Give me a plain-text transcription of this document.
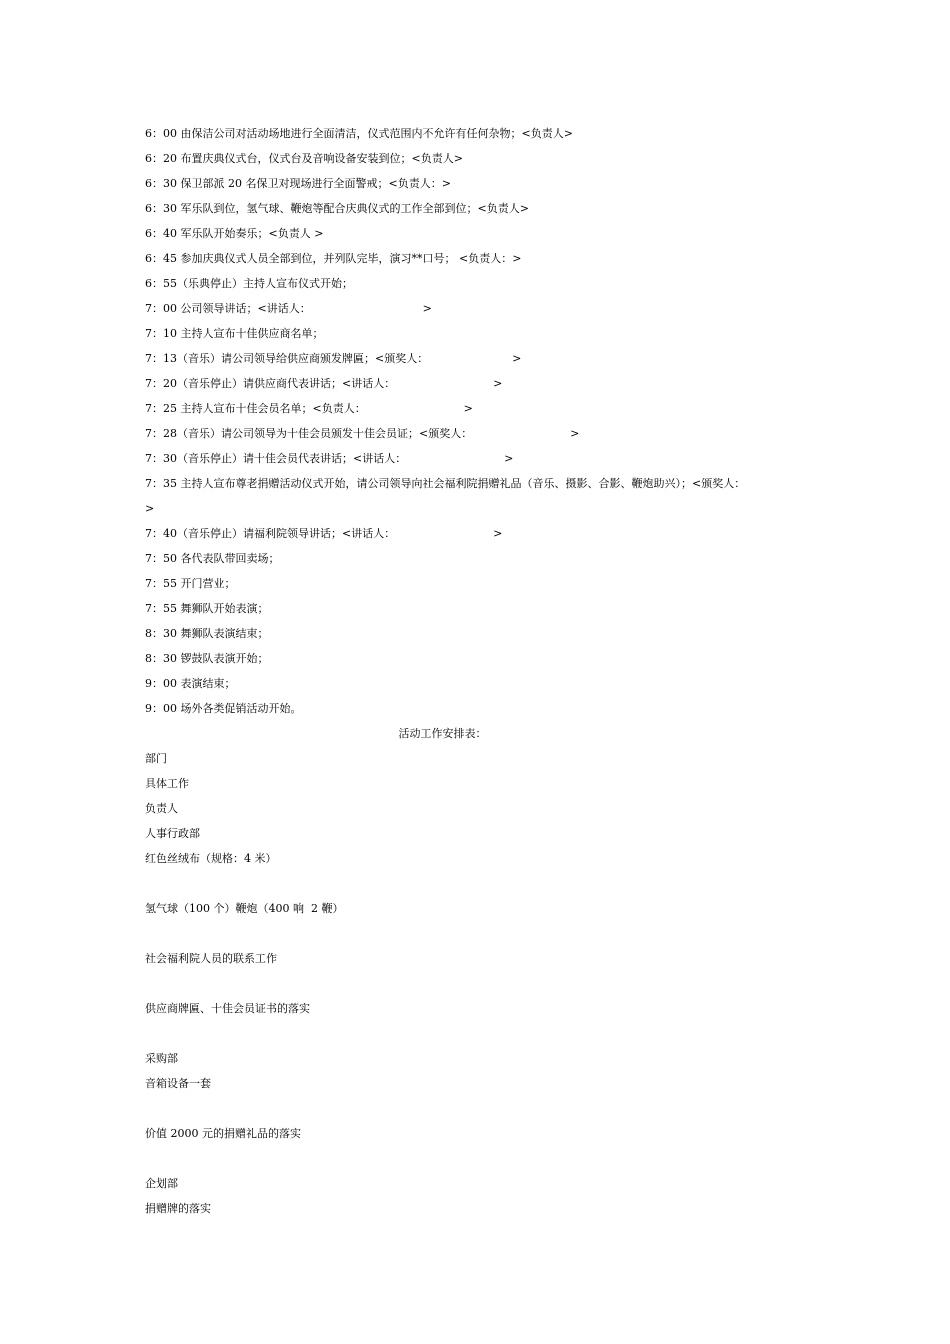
6：00 由保洁公司对活动场地进行全面清洁，仪式范围内不允许有任何杂物；<负责人>

6：20 布置庆典仪式台，仪式台及音响设备安装到位；<负责人>

6：30 保卫部派 20 名保卫对现场进行全面警戒；<负责人：>

6：30 军乐队到位，氢气球、鞭炮等配合庆典仪式的工作全部到位；<负责人>

6：40 军乐队开始奏乐；<负责人 >

6：45 参加庆典仪式人员全部到位，并列队完毕，演习**口号； <负责人：>

6：55（乐典停止）主持人宣布仪式开始；

7：00 公司领导讲话；<讲话人：                                >

7：10 主持人宣布十佳供应商名单；

7：13（音乐）请公司领导给供应商颁发牌匾；<颁奖人：                        >

7：20（音乐停止）请供应商代表讲话；<讲话人：                            >

7：25 主持人宣布十佳会员名单；<负责人：                            >

7：28（音乐）请公司领导为十佳会员颁发十佳会员证；<颁奖人：                            >

7：30（音乐停止）请十佳会员代表讲话；<讲话人：                            >

7：35 主持人宣布尊老捐赠活动仪式开始，请公司领导向社会福利院捐赠礼品（音乐、摄影、合影、鞭炮助兴）；<颁奖人：                    >

7：40（音乐停止）请福利院领导讲话；<讲话人：                            >

7：50 各代表队带回卖场；

7：55 开门营业；

7：55 舞狮队开始表演；

8：30 舞狮队表演结束；

8：30 锣鼓队表演开始；

9：00 表演结束；

9：00 场外各类促销活动开始。

活动工作安排表：

部门

具体工作

负责人

人事行政部

红色丝绒布（规格：4 米）

氢气球（100 个）鞭炮（400 响  2 鞭）

社会福利院人员的联系工作

供应商牌匾、十佳会员证书的落实

采购部

音箱设备一套

价值 2000 元的捐赠礼品的落实

企划部

捐赠牌的落实
